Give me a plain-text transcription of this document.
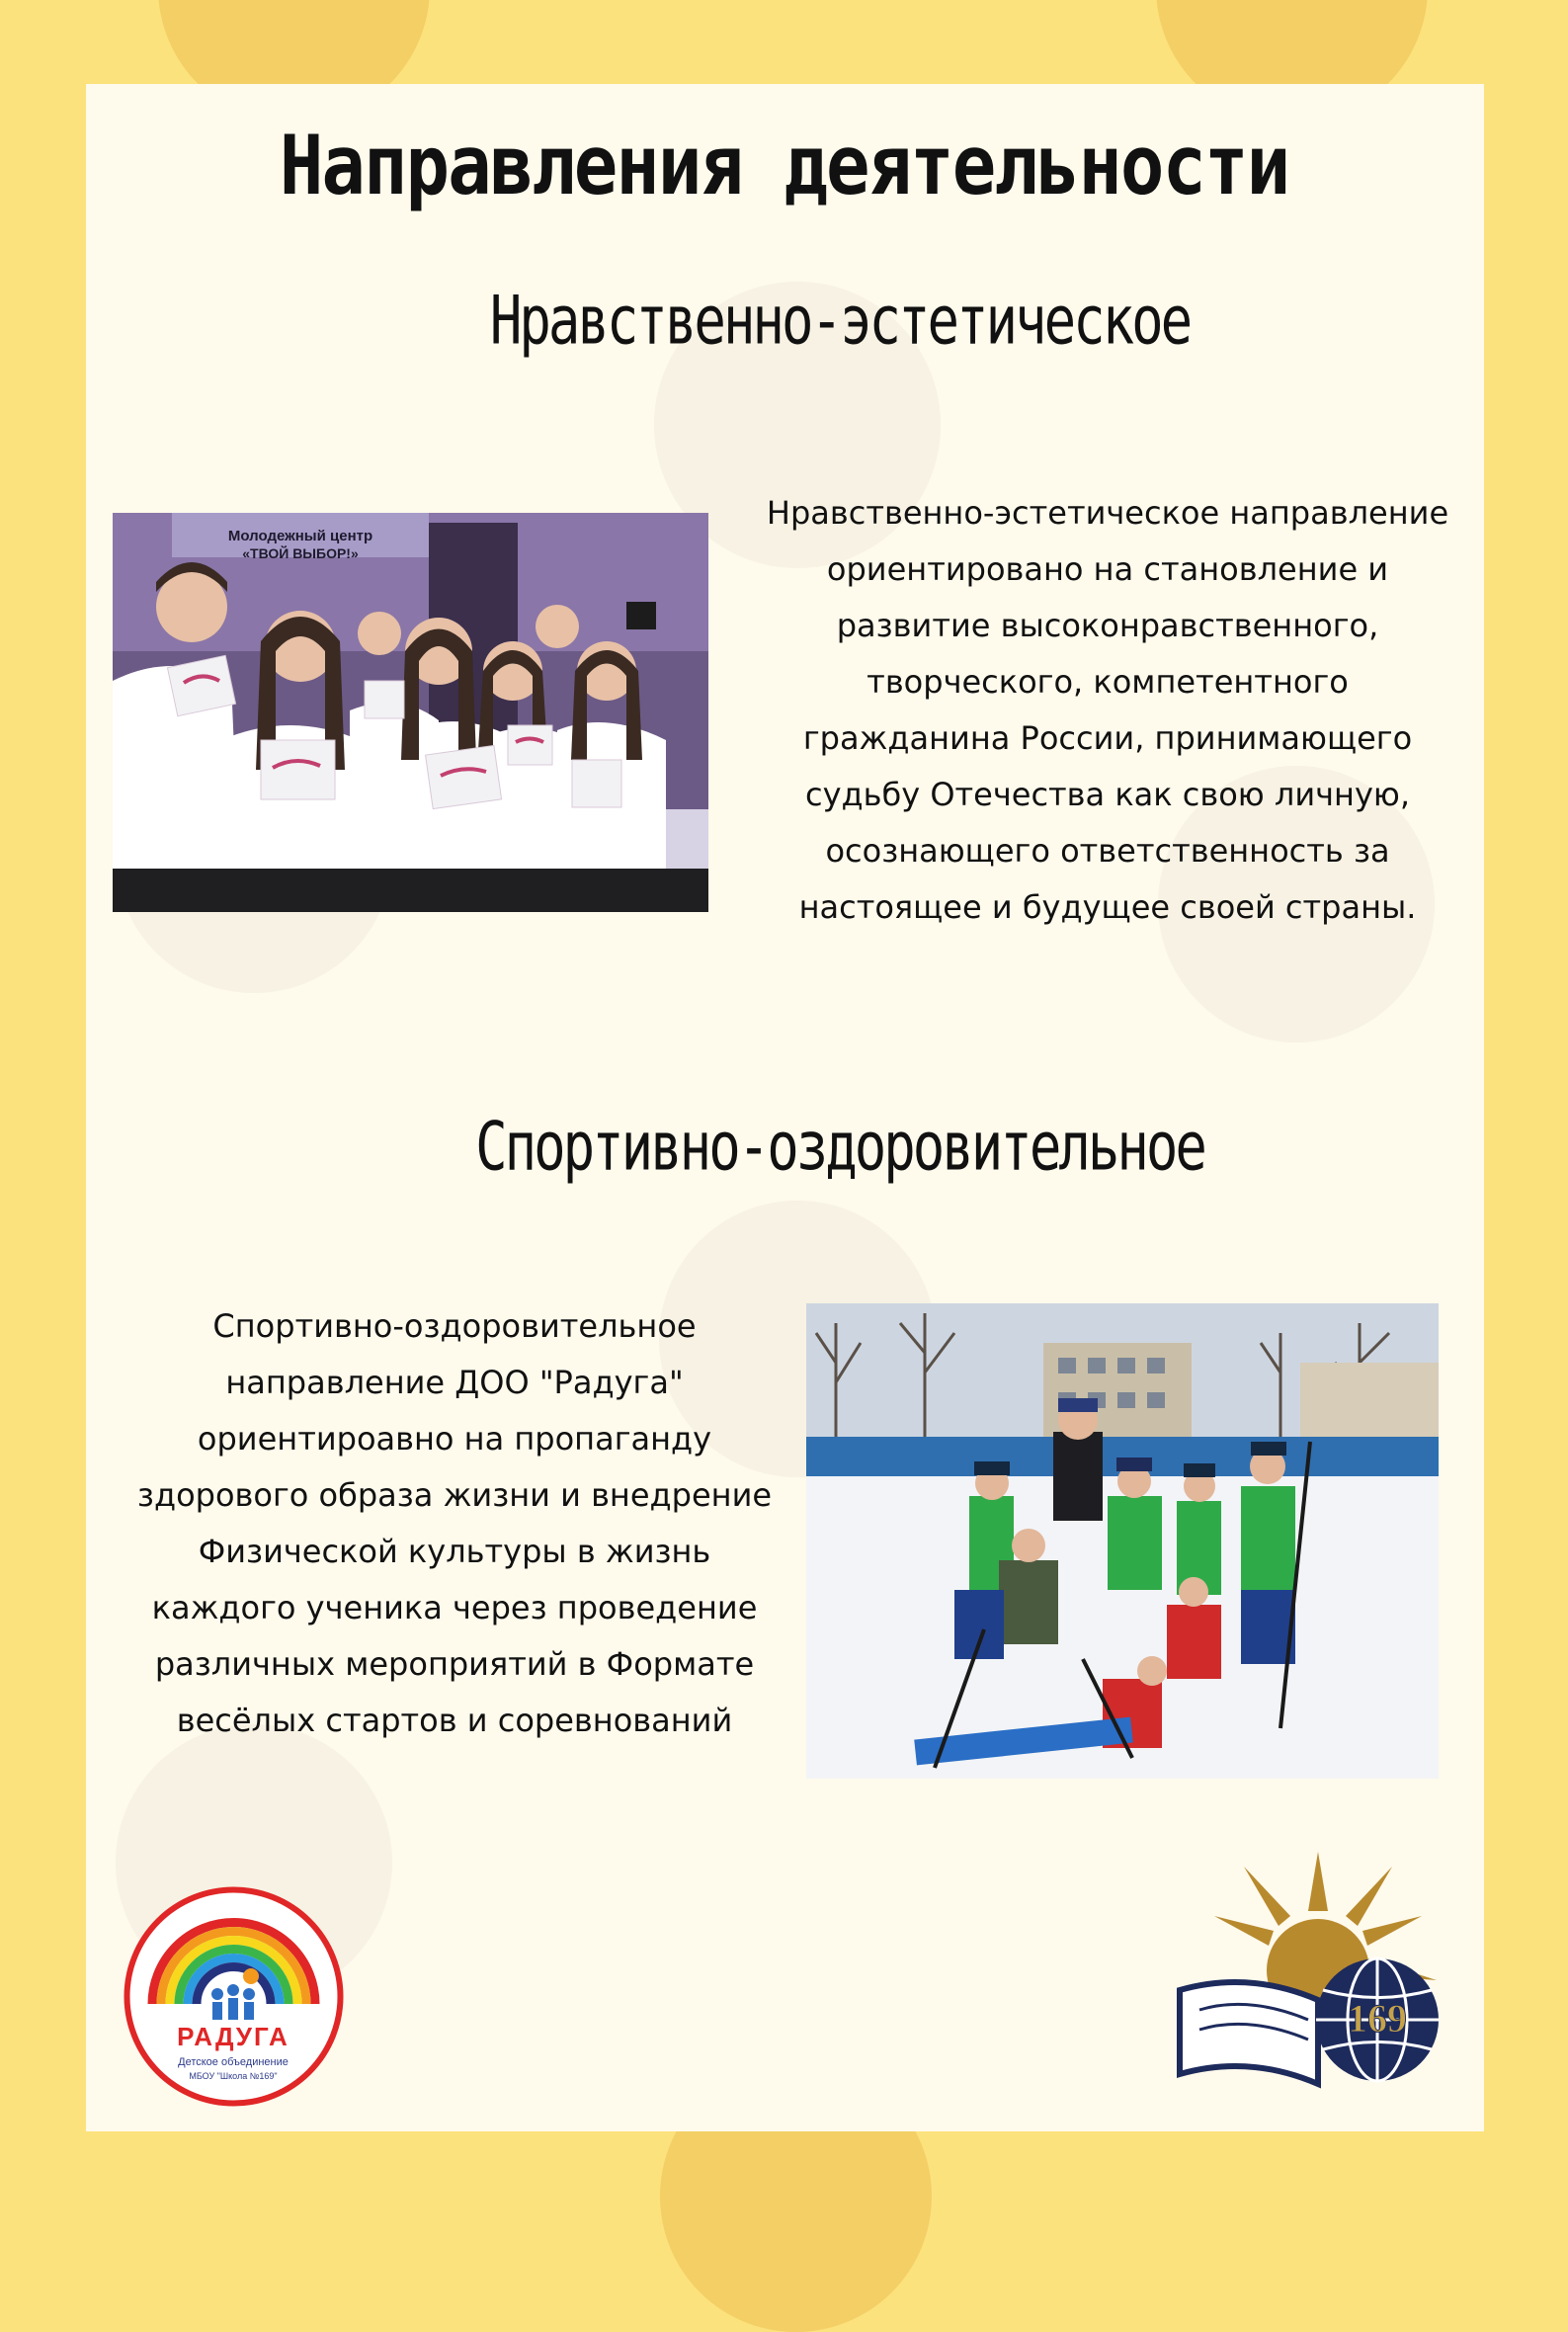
Направления деятельности
Нравственно-эстетическое
Молодежный центр
«ТВОЙ ВЫБОР!»

Нравственно-эстетическое направление
ориентировано на становление и
развитие высоконравственного,
творческого, компетентного
гражданина России, принимающего
судьбу Отечества как свою личную,
осознающего ответственность за
настоящее и будущее своей страны.

Спортивно-оздоровительное

Спортивно-оздоровительное
направление ДОО "Радуга"
ориентироавно на пропаганду
здорового образа жизни и внедрение
Физической культуры в жизнь
каждого ученика через проведение
различных мероприятий в Формате
весёлых стартов и соревнований

РАДУГА
Детское объединение
МБОУ "Школа №169"
169
